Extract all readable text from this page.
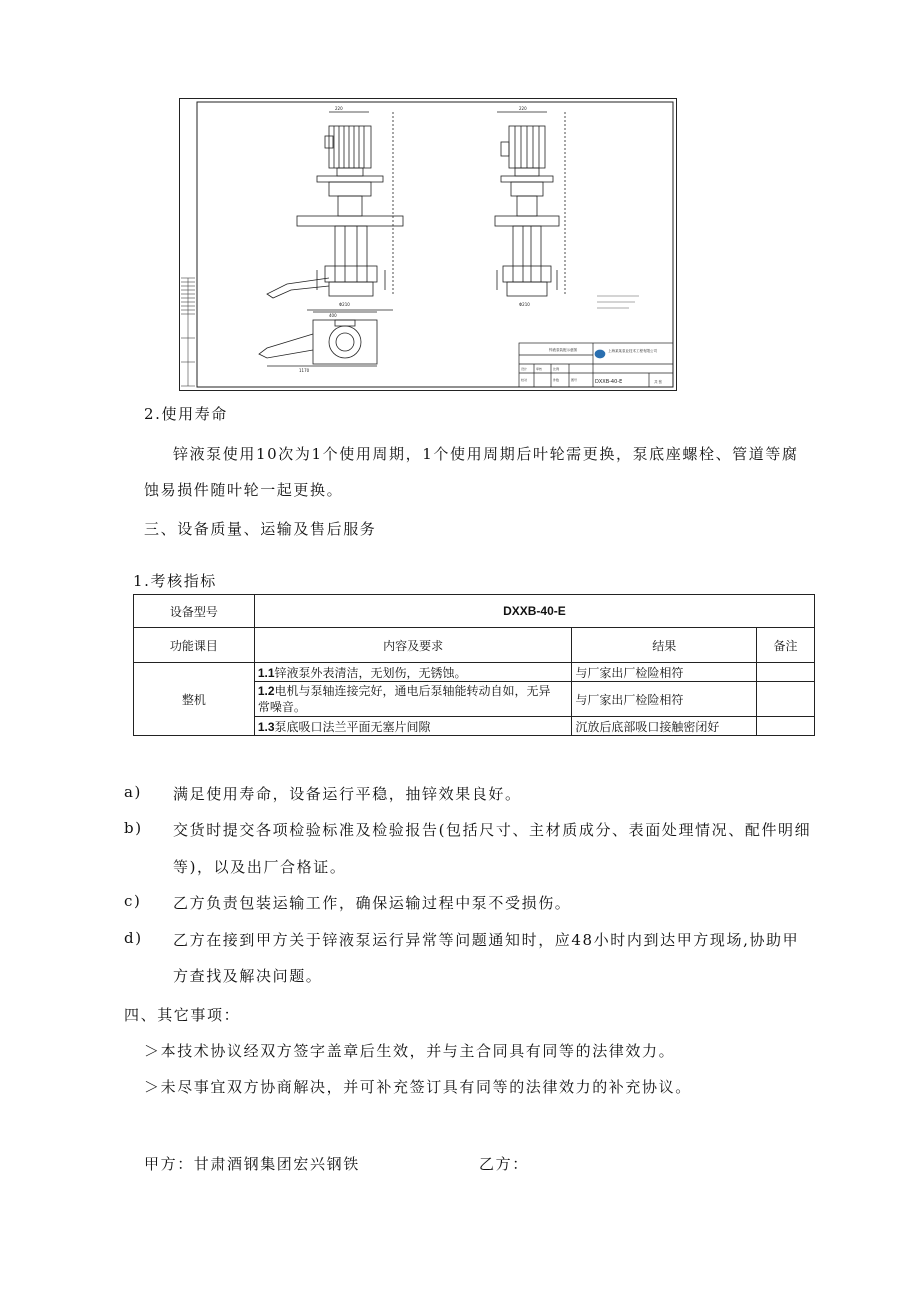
220
Φ210
400
1170
220
Φ210
锌液泵装配示意图	上海某某泵业技术工程有限公司
设计
校对
审核	比例
件数	图号	DXXB-40-E	共 张
2.使用寿命
锌液泵使用10次为1个使用周期，1个使用周期后叶轮需更换，泵底座螺栓、管道等腐
蚀易损件随叶轮一起更换。
三、设备质量、运输及售后服务
1.考核指标
设备型号	DXXB-40-E		
功能课目	内容及要求	结果	备注
整机	1.1锌液泵外表清洁，无划伤，无锈蚀。	与厂家出厂检险相符	
	1.2电机与泵轴连接完好，通电后泵轴能转动自如，无异
常噪音。	与厂家出厂检险相符	
	1.3泵底吸口法兰平面无塞片间隙	沉放后底部吸口接触密闭好	
a) 满足使用寿命，设备运行平稳，抽锌效果良好。
b) 交货时提交各项检验标准及检验报告(包括尺寸、主材质成分、表面处理情况、配件明细
等)，以及出厂合格证。
c) 乙方负责包装运输工作，确保运输过程中泵不受损伤。
d) 乙方在接到甲方关于锌液泵运行异常等问题通知时，应48小时内到达甲方现场,协助甲
方查找及解决问题。
四、其它事项：
＞本技术协议经双方签字盖章后生效，并与主合同具有同等的法律效力。
＞未尽事宜双方协商解决，并可补充签订具有同等的法律效力的补充协议。
甲方：甘肃酒钢集团宏兴钢铁	乙方：
